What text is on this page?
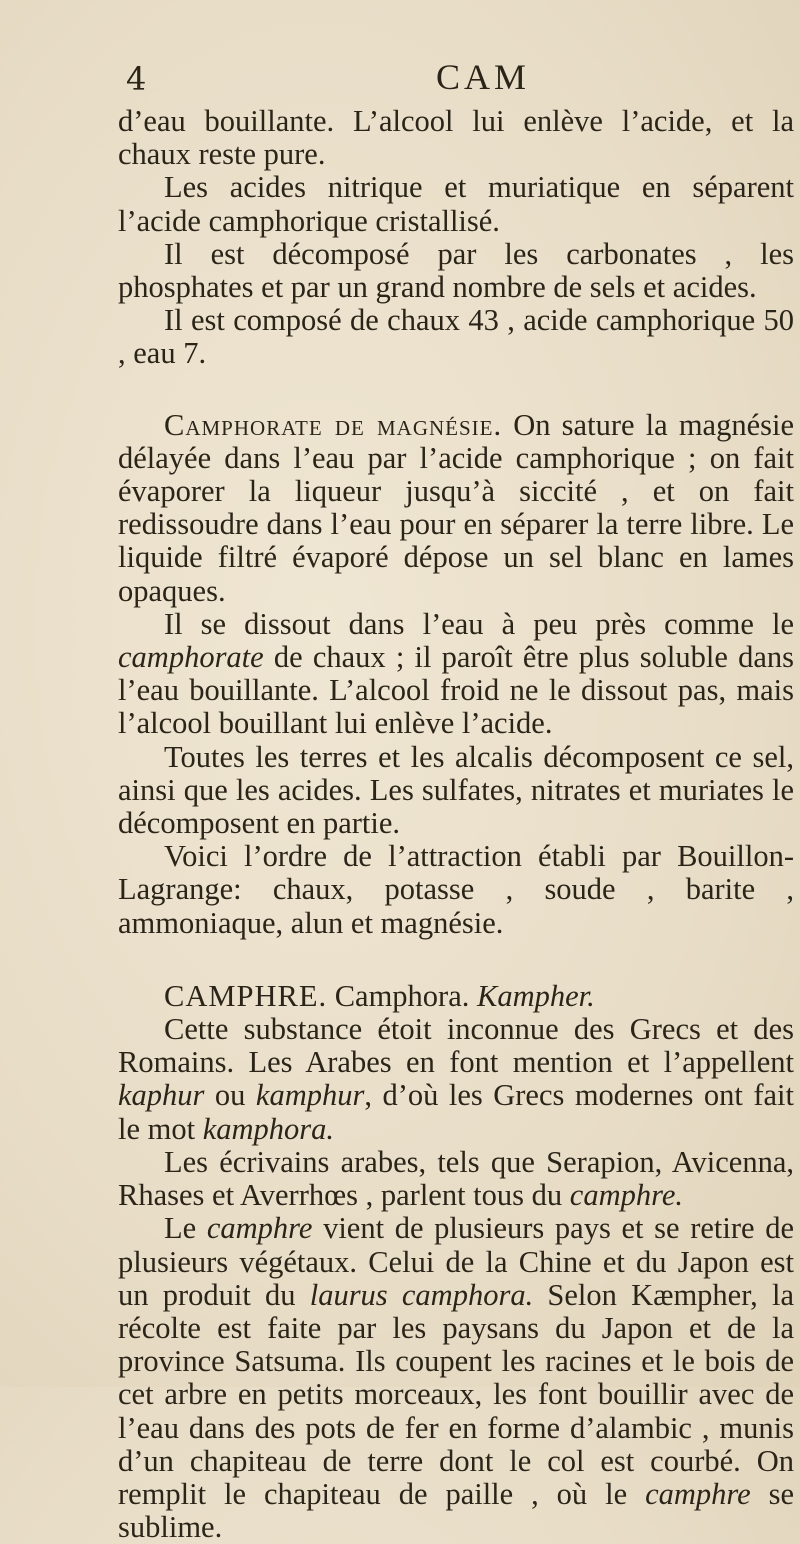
4	CAM

d’eau bouillante. L’alcool lui enlève l’acide, et la chaux reste pure.

Les acides nitrique et muriatique en séparent l’acide camphorique cristallisé.

Il est décomposé par les carbonates , les phosphates et par un grand nombre de sels et acides.

Il est composé de chaux 43 , acide camphorique 50 , eau 7.

Camphorate de magnésie. On sature la magnésie délayée dans l’eau par l’acide camphorique ; on fait évaporer la liqueur jusqu’à siccité , et on fait redissoudre dans l’eau pour en séparer la terre libre. Le liquide filtré évaporé dépose un sel blanc en lames opaques.

Il se dissout dans l’eau à peu près comme le camphorate de chaux ; il paroît être plus soluble dans l’eau bouillante. L’alcool froid ne le dissout pas, mais l’alcool bouillant lui enlève l’acide.

Toutes les terres et les alcalis décomposent ce sel, ainsi que les acides. Les sulfates, nitrates et muriates le décomposent en partie.

Voici l’ordre de l’attraction établi par Bouillon-Lagrange: chaux, potasse , soude , barite , ammoniaque, alun et magnésie.

CAMPHRE. Camphora. Kampher.

Cette substance étoit inconnue des Grecs et des Romains. Les Arabes en font mention et l’appellent kaphur ou kamphur, d’où les Grecs modernes ont fait le mot kamphora.

Les écrivains arabes, tels que Serapion, Avicenna, Rhases et Averrhœs , parlent tous du camphre.

Le camphre vient de plusieurs pays et se retire de plusieurs végétaux. Celui de la Chine et du Japon est un produit du laurus camphora. Selon Kæmpher, la récolte est faite par les paysans du Japon et de la province Satsuma. Ils coupent les racines et le bois de cet arbre en petits morceaux, les font bouillir avec de l’eau dans des pots de fer en forme d’alambic , munis d’un chapiteau de terre dont le col est courbé. On remplit le chapiteau de paille , où le camphre se sublime.
